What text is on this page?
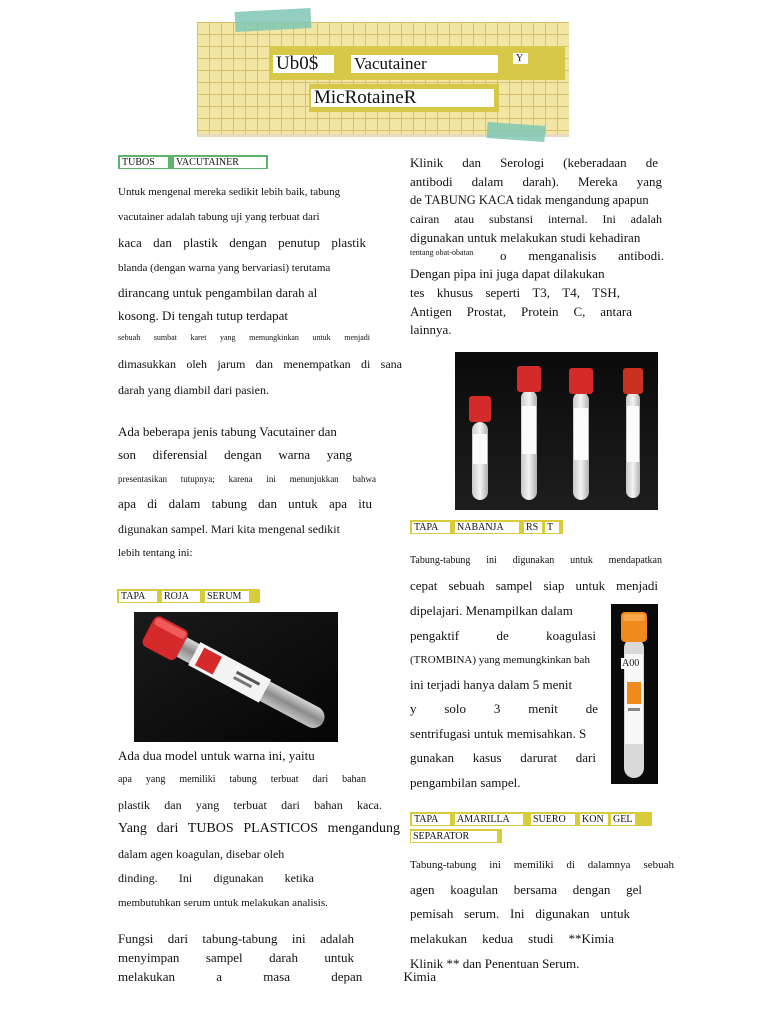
Ub0$	Vacutainer	Y
MicRotaineR
TUBOS	VACUTAINER
Untuk mengenal mereka sedikit lebih baik, tabung
vacutainer adalah tabung uji yang terbuat dari
kaca dan plastik dengan penutup plastik
blanda (dengan warna yang bervariasi) terutama
dirancang untuk pengambilan darah al
kosong. Di tengah tutup terdapat
sebuah sumbat karet yang memungkinkan untuk menjadi
dimasukkan oleh jarum dan menempatkan di sana
darah yang diambil dari pasien.
Ada beberapa jenis tabung Vacutainer dan
son diferensial dengan warna yang
presentasikan tutupnya; karena ini menunjukkan bahwa
apa di dalam tabung dan untuk apa itu
digunakan sampel. Mari kita mengenal sedikit
lebih tentang ini:
TAPA	ROJA	SERUM
Ada dua model untuk warna ini, yaitu
apa yang memiliki tabung terbuat dari bahan
plastik dan yang terbuat dari bahan kaca.
Yang dari TUBOS PLASTICOS mengandung
dalam agen koagulan, disebar oleh
dinding. Ini digunakan ketika
membutuhkan serum untuk melakukan analisis.
Fungsi dari tabung-tabung ini adalah
menyimpan sampel darah untuk
melakukan a masa depan Kimia
Klinik dan Serologi (keberadaan de
antibodi dalam darah). Mereka yang
de TABUNG KACA tidak mengandung apapun
cairan atau substansi internal. Ini adalah
digunakan untuk melakukan studi kehadiran
tentang obat-obatan o menganalisis antibodi.
Dengan pipa ini juga dapat dilakukan
tes khusus seperti T3, T4, TSH,
Antigen Prostat, Protein C, antara
lainnya.
TAPA	NABANJA	RS T
Tabung-tabung ini digunakan untuk mendapatkan
cepat sebuah sampel siap untuk menjadi
dipelajari. Menampilkan dalam
pengaktif de koagulasi
(TROMBINA) yang memungkinkan bah
ini terjadi hanya dalam 5 menit
y solo 3 menit de
sentrifugasi untuk memisahkan. S
gunakan kasus darurat dari
pengambilan sampel.
A00
TAPA	AMARILLA	SUERO	KON GEL
SEPARATOR
Tabung-tabung ini memiliki di dalamnya sebuah
agen koagulan bersama dengan gel
pemisah serum. Ini digunakan untuk
melakukan kedua studi **Kimia
Klinik ** dan Penentuan Serum.
